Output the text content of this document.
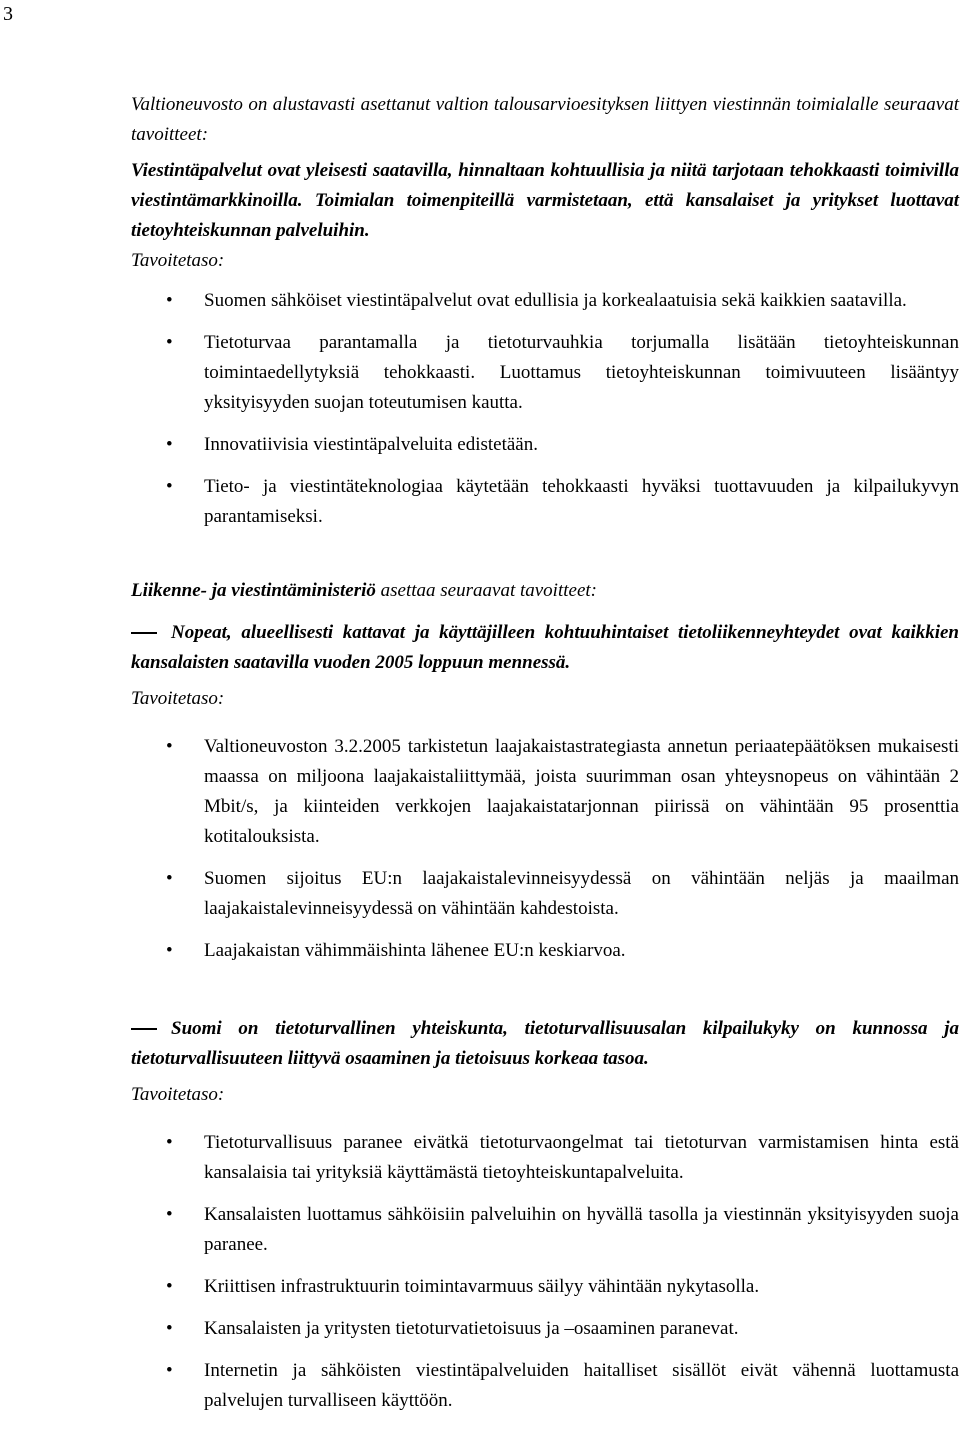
3

Valtioneuvosto on alustavasti asettanut valtion talousarvioesityksen liittyen viestinnän toimialalle seuraavat tavoitteet:

Viestintäpalvelut ovat yleisesti saatavilla, hinnaltaan kohtuullisia ja niitä tarjotaan tehokkaasti toimivilla viestintämarkkinoilla. Toimialan toimenpiteillä varmistetaan, että kansalaiset ja yritykset luottavat tietoyhteiskunnan palveluihin.

Tavoitetaso:

• Suomen sähköiset viestintäpalvelut ovat edullisia ja korkealaatuisia sekä kaikkien saatavilla.
• Tietoturvaa parantamalla ja tietoturvauhkia torjumalla lisätään tietoyhteiskunnan toimintaedellytyksiä tehokkaasti. Luottamus tietoyhteiskunnan toimivuuteen lisääntyy yksityisyyden suojan toteutumisen kautta.
• Innovatiivisia viestintäpalveluita edistetään.
• Tieto- ja viestintäteknologiaa käytetään tehokkaasti hyväksi tuottavuuden ja kilpailukyvyn parantamiseksi.

Liikenne- ja viestintäministeriö asettaa seuraavat tavoitteet:

Nopeat, alueellisesti kattavat ja käyttäjilleen kohtuuhintaiset tietoliikenneyhteydet ovat kaikkien kansalaisten saatavilla vuoden 2005 loppuun mennessä.

Tavoitetaso:

• Valtioneuvoston 3.2.2005 tarkistetun laajakaistastrategiasta annetun periaatepäätöksen mukaisesti maassa on miljoona laajakaistaliittymää, joista suurimman osan yhteysnopeus on vähintään 2 Mbit/s, ja kiinteiden verkkojen laajakaistatarjonnan piirissä on vähintään 95 prosenttia kotitalouksista.
• Suomen sijoitus EU:n laajakaistalevinneisyydessä on vähintään neljäs ja maailman laajakaistalevinneisyydessä on vähintään kahdestoista.
• Laajakaistan vähimmäishinta lähenee EU:n keskiarvoa.

Suomi on tietoturvallinen yhteiskunta, tietoturvallisuusalan kilpailukyky on kunnossa ja tietoturvallisuuteen liittyvä osaaminen ja tietoisuus korkeaa tasoa.

Tavoitetaso:

• Tietoturvallisuus paranee eivätkä tietoturvaongelmat tai tietoturvan varmistamisen hinta estä kansalaisia tai yrityksiä käyttämästä tietoyhteiskuntapalveluita.
• Kansalaisten luottamus sähköisiin palveluihin on hyvällä tasolla ja viestinnän yksityisyyden suoja paranee.
• Kriittisen infrastruktuurin toimintavarmuus säilyy vähintään nykytasolla.
• Kansalaisten ja yritysten tietoturvatietoisuus ja –osaaminen paranevat.
• Internetin ja sähköisten viestintäpalveluiden haitalliset sisällöt eivät vähennä luottamusta palvelujen turvalliseen käyttöön.
